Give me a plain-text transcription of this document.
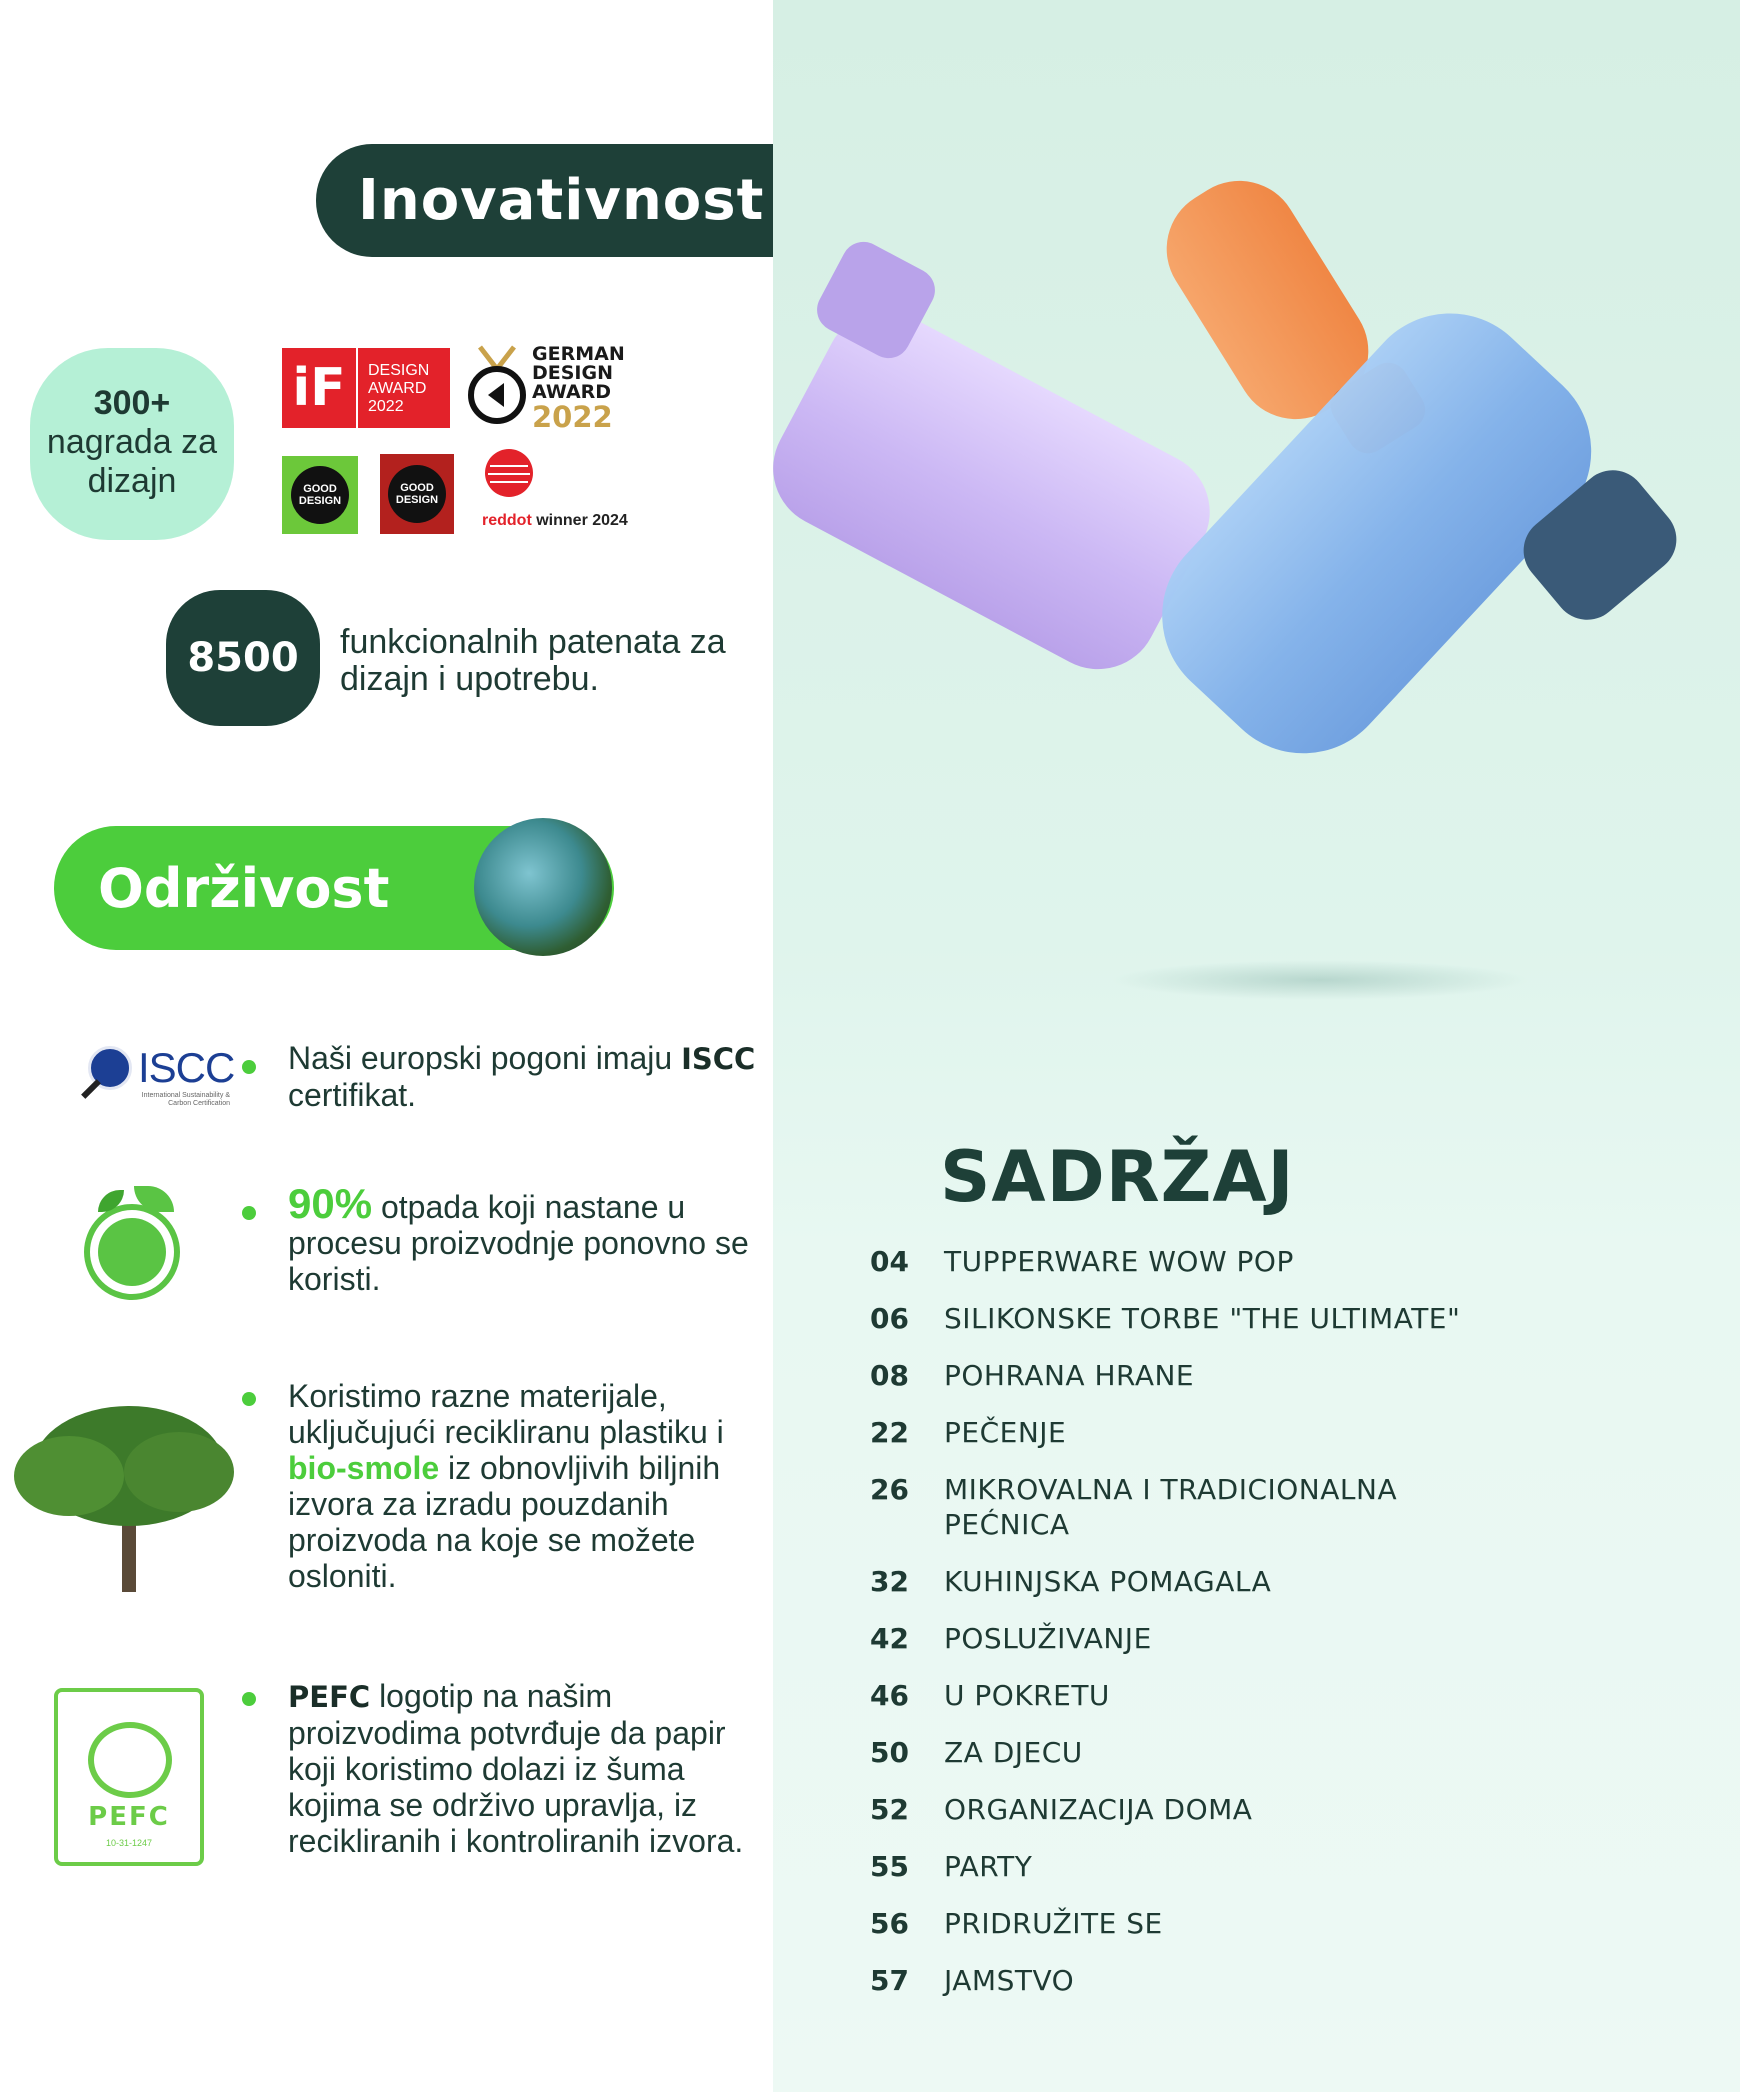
Inovativnost
300+
nagrada za dizajn
iF	DESIGN AWARD 2022
GERMAN
DESIGN
AWARD
2022
GOOD DESIGN
GOOD DESIGN
reddot winner 2024
8500	funkcionalnih patenata za dizajn i upotrebu.
Održivost
ISCC
International Sustainability & Carbon Certification
Naši europski pogoni imaju ISCC certifikat.
90% otpada koji nastane u procesu proizvodnje ponovno se koristi.
Koristimo razne materijale, uključujući recikliranu plastiku i bio-smole iz obnovljivih biljnih izvora za izradu pouzdanih proizvoda na koje se možete osloniti.
PEFC
10-31-1247
PEFC logotip na našim proizvodima potvrđuje da papir koji koristimo dolazi iz šuma kojima se održivo upravlja, iz recikliranih i kontroliranih izvora.
SADRŽAJ
04	TUPPERWARE WOW POP
06	SILIKONSKE TORBE "THE ULTIMATE"
08	POHRANA HRANE
22	PEČENJE
26	MIKROVALNA I TRADICIONALNA PEĆNICA
32	KUHINJSKA POMAGALA
42	POSLUŽIVANJE
46	U POKRETU
50	ZA DJECU
52	ORGANIZACIJA DOMA
55	PARTY
56	PRIDRUŽITE SE
57	JAMSTVO
